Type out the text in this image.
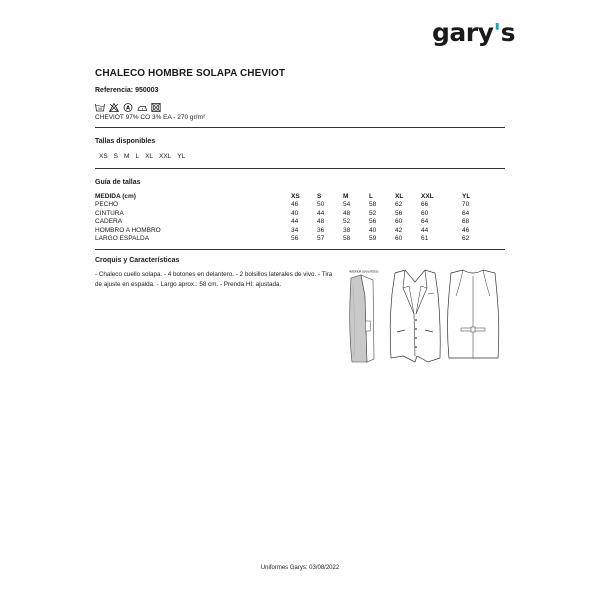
gary's
CHALECO HOMBRE SOLAPA CHEVIOT
Referencia: 950003
30	A
CHEVIOT 97% CO 3% EA - 270 gr/m²
Tallas disponibles
XS S M L XL XXL YL
Guía de tallas
MEDIDA (cm)	XS	S	M	L	XL	XXL	YL
PECHO	46	50	54	58	62	66	70
CINTURA	40	44	48	52	56	60	64
CADERA	44	48	52	56	60	64	68
HOMBRO A HOMBRO	34	36	38	40	42	44	46
LARGO ESPALDA	56	57	58	59	60	61	62
Croquis y Características
- Chaleco cuello solapa. - 4 botones en delantero. - 2 bolsillos laterales de vivo. - Tira de ajuste en espalda. - Largo aprox.: 58 cm. - Prenda HI: ajustada.
INTERIOR (QUILATEES)
Uniformes Garys: 03/08/2022
